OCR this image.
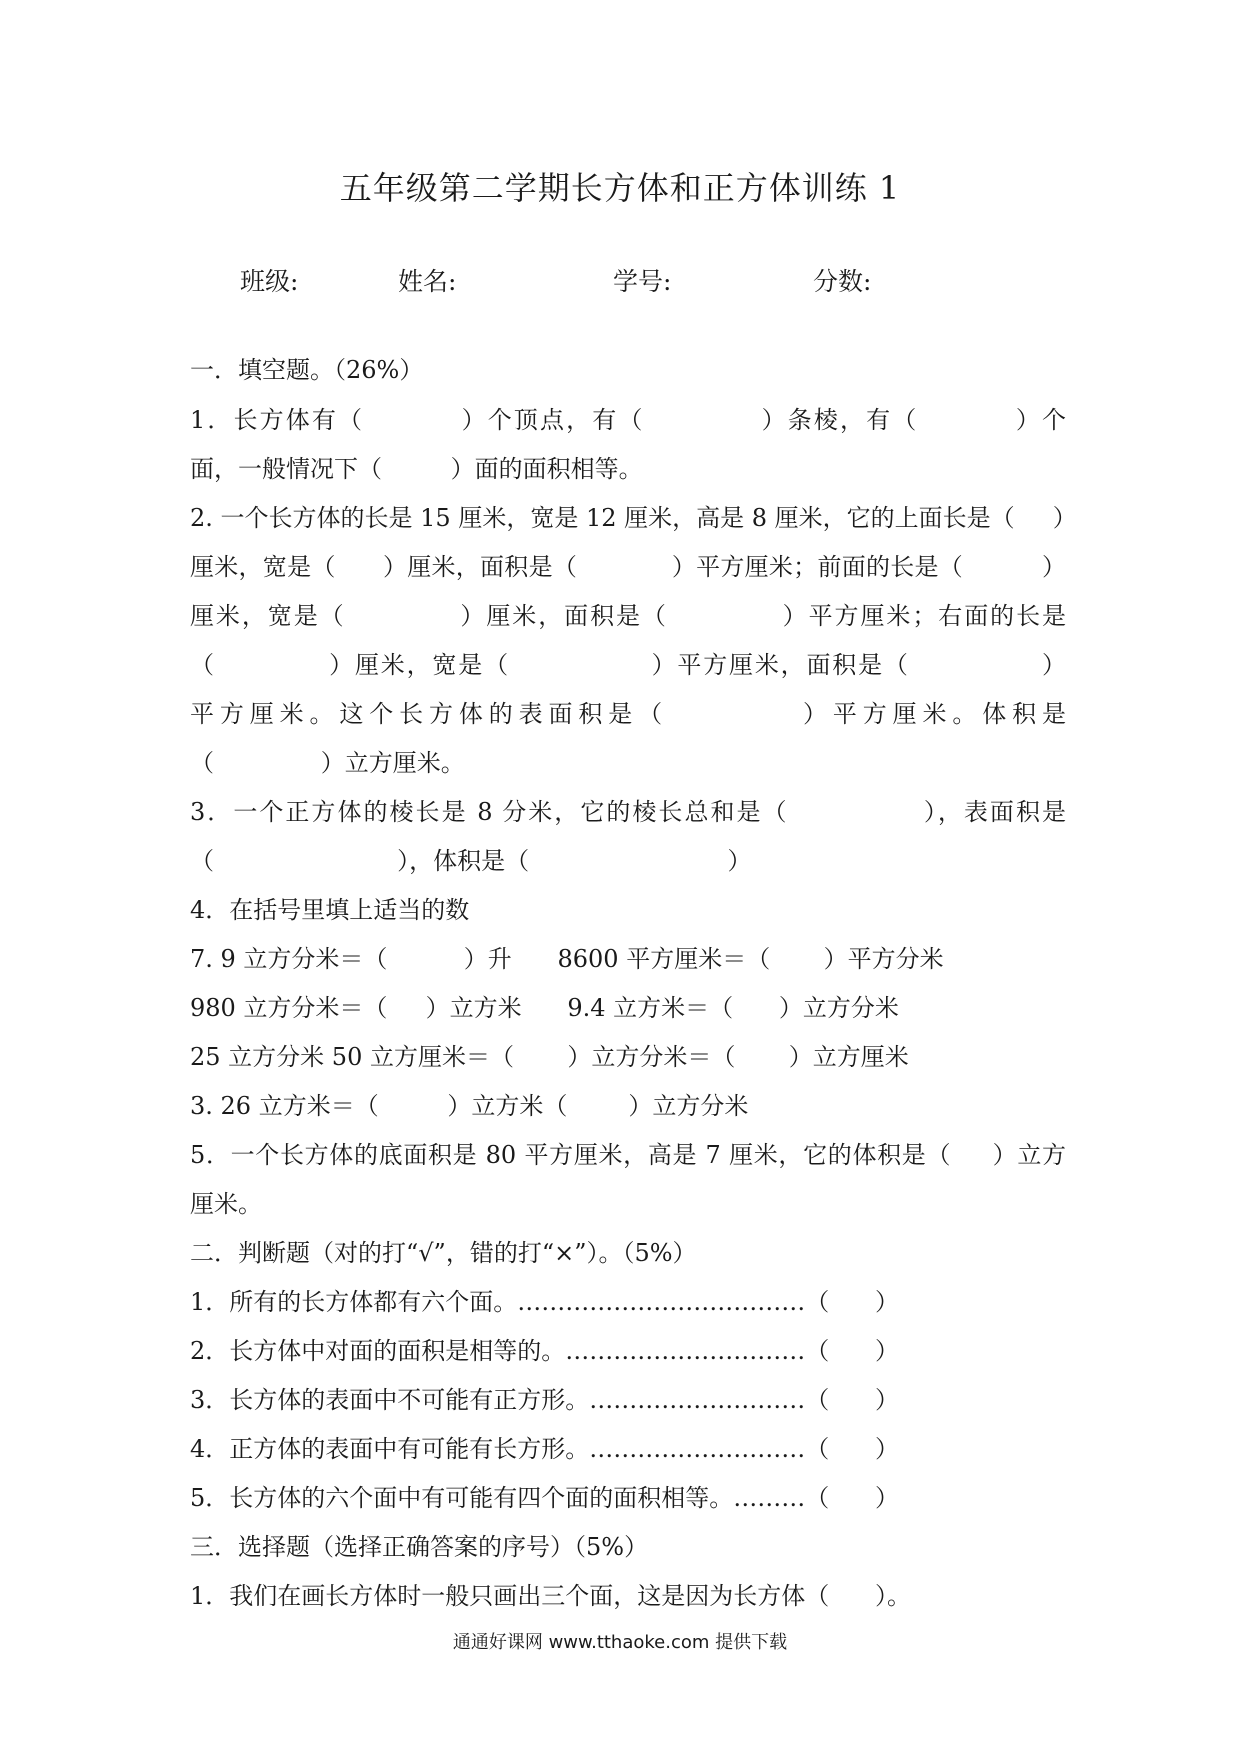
五年级第二学期长方体和正方体训练 1
班级:	姓名:	学号:	分数:
一．填空题。（26%）
1．长方体有（          ）个顶点，有（            ）条棱，有（          ）个
面，一般情况下（         ）面的面积相等。
2. 一个长方体的长是 15 厘米，宽是 12 厘米，高是 8 厘米，它的上面长是（     ）
厘米，宽是（      ）厘米，面积是（            ）平方厘米；前面的长是（          ）
厘米，宽是（            ）厘米，面积是（            ）平方厘米；右面的长是
（            ）厘米，宽是（               ）平方厘米，面积是（              ）
平方厘米。这个长方体的表面积是（          ）平方厘米。体积是
（              ）立方厘米。
3．一个正方体的棱长是 8 分米，它的棱长总和是（              ），表面积是
（                        ），体积是（                          ）
4．在括号里填上适当的数
7. 9 立方分米＝（          ）升      8600 平方厘米＝（       ）平方分米
980 立方分米＝（     ）立方米      9.4 立方米＝（      ）立方分米
25 立方分米 50 立方厘米＝（       ）立方分米＝（       ）立方厘米
3. 26 立方米＝（         ）立方米（        ）立方分米
5．一个长方体的底面积是 80 平方厘米，高是 7 厘米，它的体积是（     ）立方
厘米。
二．判断题（对的打“√”，错的打“×”）。（5%）
1．所有的长方体都有六个面。………………………………（      ）
2．长方体中对面的面积是相等的。…………………………（      ）
3．长方体的表面中不可能有正方形。………………………（      ）
4．正方体的表面中有可能有长方形。………………………（      ）
5．长方体的六个面中有可能有四个面的面积相等。………（      ）
三．选择题（选择正确答案的序号）（5%）
1．我们在画长方体时一般只画出三个面，这是因为长方体（      ）。
通通好课网 www.tthaoke.com 提供下载
